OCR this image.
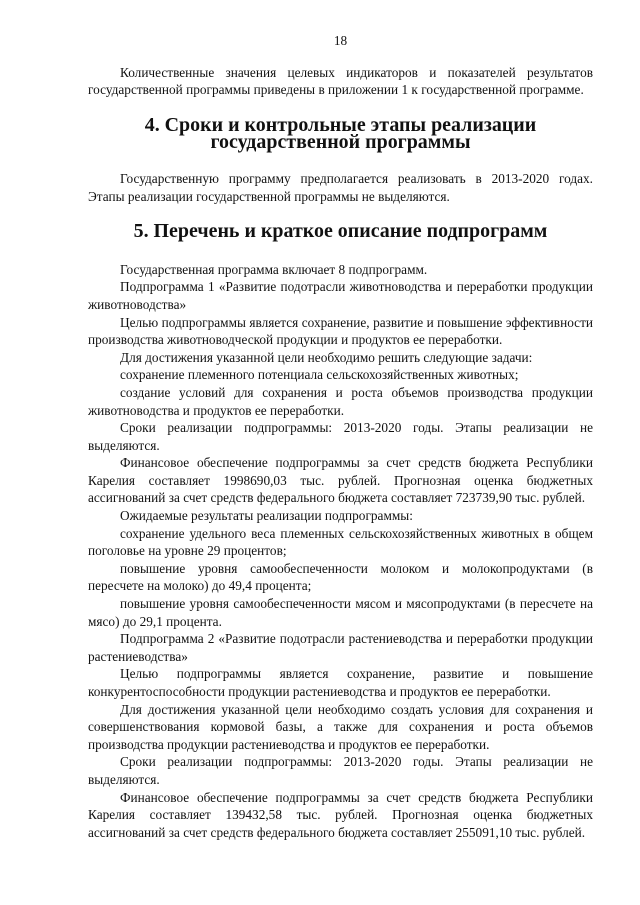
18

Количественные значения целевых индикаторов и показателей результатов государственной программы приведены в приложении 1 к государственной программе.

4. Сроки и контрольные этапы реализации государственной программы

Государственную программу предполагается реализовать в 2013-2020 годах. Этапы реализации государственной программы не выделяются.

5. Перечень и краткое описание подпрограмм

Государственная программа включает 8 подпрограмм.

Подпрограмма 1 «Развитие подотрасли животноводства и переработки продукции животноводства»

Целью подпрограммы является сохранение, развитие и повышение эффективности производства животноводческой продукции и продуктов ее переработки.

Для достижения указанной цели необходимо решить следующие задачи:

сохранение племенного потенциала сельскохозяйственных животных;

создание условий для сохранения и роста объемов производства продукции животноводства и продуктов ее переработки.

Сроки реализации подпрограммы: 2013-2020 годы. Этапы реализации не выделяются.

Финансовое обеспечение подпрограммы за счет средств бюджета Республики Карелия составляет 1998690,03 тыс. рублей. Прогнозная оценка бюджетных ассигнований за счет средств федерального бюджета составляет 723739,90 тыс. рублей.

Ожидаемые результаты реализации подпрограммы:

сохранение удельного веса племенных сельскохозяйственных животных в общем поголовье на уровне 29 процентов;

повышение уровня самообеспеченности молоком и молокопродуктами (в пересчете на молоко) до 49,4 процента;

повышение уровня самообеспеченности мясом и мясопродуктами (в пересчете на мясо) до 29,1 процента.

Подпрограмма 2 «Развитие подотрасли растениеводства и переработки продукции растениеводства»

Целью подпрограммы является сохранение, развитие и повышение конкурентоспособности продукции растениеводства и продуктов ее переработки.

Для достижения указанной цели необходимо создать условия для сохранения и совершенствования кормовой базы, а также для сохранения и роста объемов производства продукции растениеводства и продуктов ее переработки.

Сроки реализации подпрограммы: 2013-2020 годы. Этапы реализации не выделяются.

Финансовое обеспечение подпрограммы за счет средств бюджета Республики Карелия составляет 139432,58 тыс. рублей. Прогнозная оценка бюджетных ассигнований за счет средств федерального бюджета составляет 255091,10 тыс. рублей.
